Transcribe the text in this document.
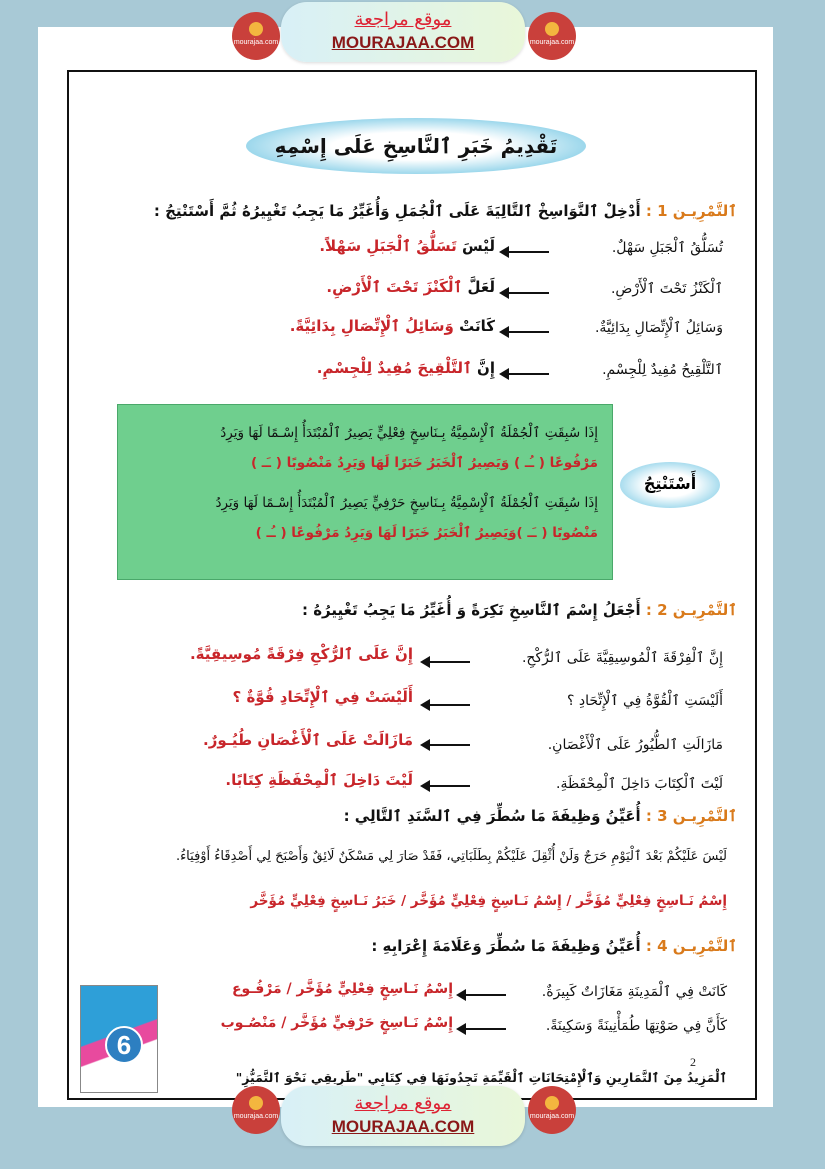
mourajaa.com
موقع مراجعة
MOURAJAA.COM	mourajaa.com
تَقْدِيمُ خَبَرِ ٱلنَّاسِخِ عَلَى إِسْمِهِ
ٱلتَّمْرِيـن 1 : أَدْخِلْ ٱلنَّوَاسِخْ ٱلتَّالِيَةَ عَلَى ٱلْجُمَلِ وَأُغَيِّرُ مَا يَجِبُ تَغْيِيرُهُ ثُمَّ أَسْتَنْتِجُ :
تُسَلُّقُ ٱلْجَبَلِ سَهْلٌ.
لَيْسَ تَسَلُّقُ ٱلْجَبَلِ سَهْلاً.
ٱلْكَنْزُ تَحْتَ ٱلْأَرْضِ.
لَعَلَّ ٱلْكَنْزَ تَحْتَ ٱلْأَرْضِ.
وَسَائِلُ ٱلْإِتِّصَالِ بِدَائِيَّةٌ.
كَانَتْ وَسَائِلُ ٱلْإِتِّصَالِ بِدَائِيَّةً.
ٱلتَّلْقِيحُ مُفِيدٌ لِلْجِسْمِ.
إِنَّ ٱلتَّلْقِيحَ مُفِيدٌ لِلْجِسْمِ.
إِذَا سُبِقَتِ ٱلْجُمْلَةُ ٱلْإِسْمِيَّةُ بِـنَاسِخٍ فِعْلِيٍّ يَصِيرُ ٱلْمُبْتَدَأُ إِسْـمًا لَهَا وَيَرِدُ
مَرْفُوعًا ( ـُـ ) وَيَصِيرُ ٱلْخَبَرُ خَبَرًا لَهَا وَيَرِدُ مَنْصُوبًا ( ـَـ )
إِذَا سُبِقَتِ ٱلْجُمْلَةُ ٱلْإِسْمِيَّةُ بِـنَاسِخٍ حَرْفِيٍّ يَصِيرُ ٱلْمُبْتَدَأُ إِسْـمًا لَهَا وَيَرِدُ
مَنْصُوبًا ( ـَـ )وَيَصِيرُ ٱلْخَبَرُ خَبَرًا لَهَا وَيَرِدُ مَرْفُوعًا ( ـُـ )
أَسْتَنْتِجُ
ٱلتَّمْرِيـن 2 : أَجْعَلُ إِسْمَ ٱلنَّاسِخِ نَكِرَةً وَ أُغَيِّرُ مَا يَجِبُ تَغْيِيرُهُ :
إِنَّ ٱلْفِرْقَةَ ٱلْمُوسِيقِيَّةَ عَلَى ٱلرُّكْحِ.
إِنَّ عَلَى ٱلرُّكْحِ فِرْقَةً مُوسِيقِيَّةً.
أَلَيْسَتِ ٱلْقُوَّةُ فِي ٱلْإِتِّحَادِ ؟
أَلَيْسَتْ فِي ٱلْإِتِّحَادِ قُوَّةٌ ؟
مَازَالَتِ ٱلطُّيُورُ عَلَى ٱلْأَغْصَانِ.
مَازَالَتْ عَلَى ٱلْأَغْصَانِ طُيُـورٌ.
لَيْتَ ٱلْكِتَابَ دَاخِلَ ٱلْمِحْفَظَةِ.
لَيْتَ دَاخِلَ ٱلْمِحْفَظَةِ كِتَابًا.
ٱلتَّمْرِيـن 3 : أُعَيِّنُ وَظِيفَةَ مَا سُطِّرَ فِي ٱلسَّنَدِ ٱلتَّالِي :
لَيْسَ عَلَيْكُمْ بَعْدَ ٱلْيَوْمِ حَرَجٌ وَلَنْ أُثْقِلَ عَلَيْكُمْ بِطَلَبَاتِي، فَقَدْ صَارَ لِي مَسْكَنٌ لَائِقٌ وَأَصْبَحَ لِي أَصْدِقَاءُ أَوْفِيَاءُ.
إِسْمُ نَـاسِخٍ فِعْلِيٍّ مُؤَخَّر / إِسْمُ نَـاسِخٍ فِعْلِيٍّ مُؤَخَّر / خَبَرُ نَـاسِخٍ فِعْلِيٍّ مُؤَخَّر
ٱلتَّمْرِيـن 4 : أُعَيِّنُ وَظِيفَةَ مَا سُطِّرَ وَعَلَامَةَ إِعْرَابِهِ :
كَانَتْ فِي ٱلْمَدِينَةِ مَغَازَاتٌ كَبِيرَةٌ.
إِسْمُ نَـاسِخٍ فِعْلِيٍّ مُؤَخَّر / مَرْفُـوع
كَأَنَّ فِي صَوْتِهَا طُمَأْنِينَةً وَسَكِينَةً.
إِسْمُ نَـاسِخٍ حَرْفِيٍّ مُؤَخَّر / مَنْصُـوب
2
ٱلْمَزِيدُ مِنَ ٱلتَّمَارِينِ وَٱلْإِمْتِحَانَاتِ ٱلْقَيِّمَةِ تَجِدُونَهَا فِي كِتَابِي "طَرِيقِي نَحْوَ ٱلتَّمَيُّزِ"
6
mourajaa.com
موقع مراجعة
MOURAJAA.COM
mourajaa.com
